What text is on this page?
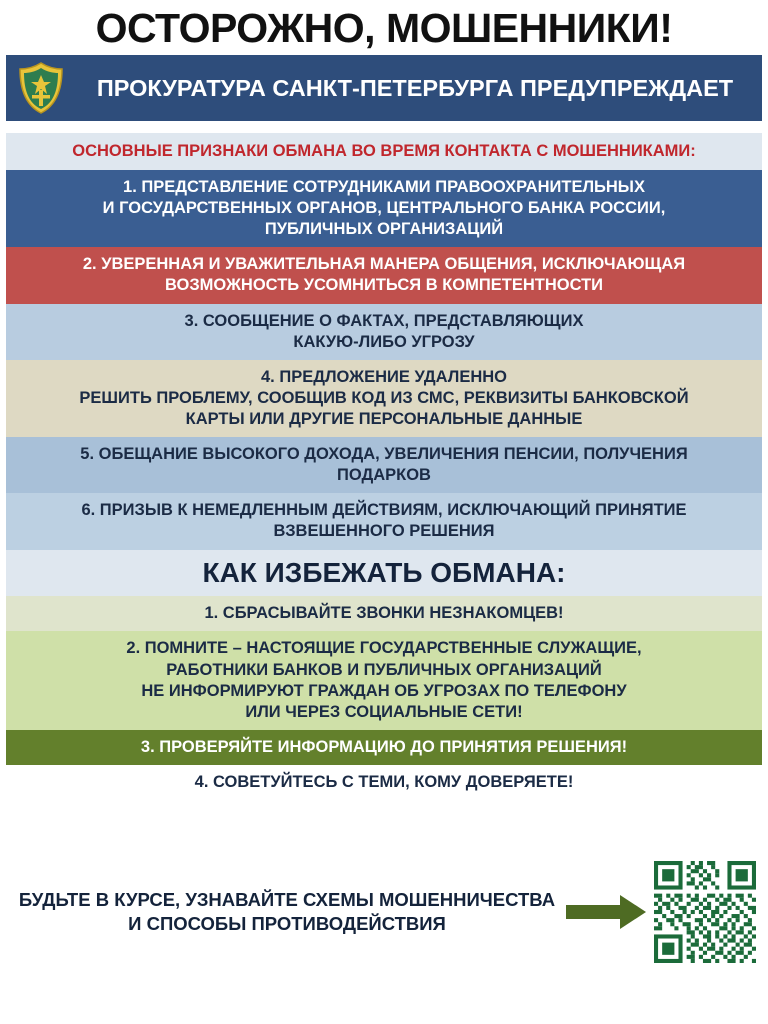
ОСТОРОЖНО, МОШЕННИКИ!
ПРОКУРАТУРА САНКТ-ПЕТЕРБУРГА ПРЕДУПРЕЖДАЕТ
ОСНОВНЫЕ ПРИЗНАКИ ОБМАНА ВО ВРЕМЯ КОНТАКТА С МОШЕННИКАМИ:
1. ПРЕДСТАВЛЕНИЕ СОТРУДНИКАМИ ПРАВООХРАНИТЕЛЬНЫХ
И ГОСУДАРСТВЕННЫХ ОРГАНОВ, ЦЕНТРАЛЬНОГО БАНКА РОССИИ,
ПУБЛИЧНЫХ ОРГАНИЗАЦИЙ
2. УВЕРЕННАЯ И УВАЖИТЕЛЬНАЯ МАНЕРА ОБЩЕНИЯ, ИСКЛЮЧАЮЩАЯ
ВОЗМОЖНОСТЬ УСОМНИТЬСЯ В КОМПЕТЕНТНОСТИ
3. СООБЩЕНИЕ О ФАКТАХ, ПРЕДСТАВЛЯЮЩИХ
КАКУЮ-ЛИБО УГРОЗУ
4. ПРЕДЛОЖЕНИЕ УДАЛЕННО
РЕШИТЬ ПРОБЛЕМУ, СООБЩИВ КОД ИЗ СМС, РЕКВИЗИТЫ БАНКОВСКОЙ
КАРТЫ ИЛИ ДРУГИЕ ПЕРСОНАЛЬНЫЕ ДАННЫЕ
5. ОБЕЩАНИЕ ВЫСОКОГО ДОХОДА, УВЕЛИЧЕНИЯ ПЕНСИИ, ПОЛУЧЕНИЯ
ПОДАРКОВ
6. ПРИЗЫВ К НЕМЕДЛЕННЫМ ДЕЙСТВИЯМ, ИСКЛЮЧАЮЩИЙ ПРИНЯТИЕ
ВЗВЕШЕННОГО РЕШЕНИЯ
КАК ИЗБЕЖАТЬ ОБМАНА:
1. СБРАСЫВАЙТЕ ЗВОНКИ НЕЗНАКОМЦЕВ!
2. ПОМНИТЕ – НАСТОЯЩИЕ ГОСУДАРСТВЕННЫЕ СЛУЖАЩИЕ,
РАБОТНИКИ БАНКОВ И ПУБЛИЧНЫХ ОРГАНИЗАЦИЙ
НЕ ИНФОРМИРУЮТ ГРАЖДАН ОБ УГРОЗАХ ПО ТЕЛЕФОНУ
ИЛИ ЧЕРЕЗ СОЦИАЛЬНЫЕ СЕТИ!
3. ПРОВЕРЯЙТЕ ИНФОРМАЦИЮ ДО ПРИНЯТИЯ РЕШЕНИЯ!
4. СОВЕТУЙТЕСЬ С ТЕМИ, КОМУ ДОВЕРЯЕТЕ!
БУДЬТЕ В КУРСЕ, УЗНАВАЙТЕ СХЕМЫ МОШЕННИЧЕСТВА И СПОСОБЫ ПРОТИВОДЕЙСТВИЯ
